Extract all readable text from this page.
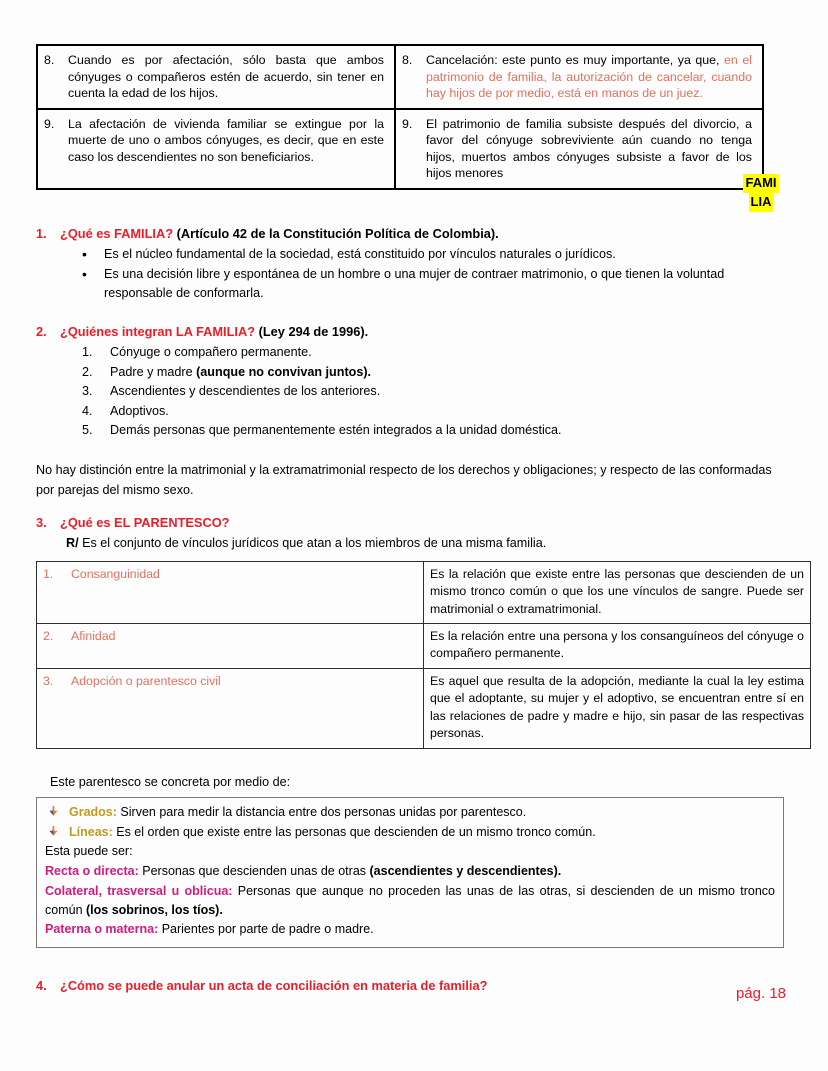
8. Cuando es por afectación, sólo basta que ambos cónyuges o compañeros estén de acuerdo, sin tener en cuenta la edad de los hijos.	8. Cancelación: este punto es muy importante, ya que, en el patrimonio de familia, la autorización de cancelar, cuando hay hijos de por medio, está en manos de un juez.
9. La afectación de vivienda familiar se extingue por la muerte de uno o ambos cónyuges, es decir, que en este caso los descendientes no son beneficiarios.	9. El patrimonio de familia subsiste después del divorcio, a favor del cónyuge sobreviviente aún cuando no tenga hijos, muertos ambos cónyuges subsiste a favor de los hijos menores
FAMI
LIA
1. ¿Qué es FAMILIA? (Artículo 42 de la Constitución Política de Colombia).
• Es el núcleo fundamental de la sociedad, está constituido por vínculos naturales o jurídicos.
• Es una decisión libre y espontánea de un hombre o una mujer de contraer matrimonio, o que tienen la voluntad responsable de conformarla.
2. ¿Quiénes integran LA FAMILIA? (Ley 294 de 1996).
Cónyuge o compañero permanente.
Padre y madre (aunque no convivan juntos).
Ascendientes y descendientes de los anteriores.
Adoptivos.
Demás personas que permanentemente estén integrados a la unidad doméstica.

No hay distinción entre la matrimonial y la extramatrimonial respecto de los derechos y obligaciones; y respecto de las conformadas por parejas del mismo sexo.

3. ¿Qué es EL PARENTESCO?
R/ Es el conjunto de vínculos jurídicos que atan a los miembros de una misma familia.
1. Consanguinidad	Es la relación que existe entre las personas que descienden de un mismo tronco común o que los une vínculos de sangre. Puede ser matrimonial o extramatrimonial.
2. Afinidad	Es la relación entre una persona y los consanguíneos del cónyuge o compañero permanente.
3. Adopción o parentesco civil	Es aquel que resulta de la adopción, mediante la cual la ley estima que el adoptante, su mujer y el adoptivo, se encuentran entre sí en las relaciones de padre y madre e hijo, sin pasar de las respectivas personas.
Este parentesco se concreta por medio de:
Grados: Sirven para medir la distancia entre dos personas unidas por parentesco.
Líneas: Es el orden que existe entre las personas que descienden de un mismo tronco común.
Esta puede ser:
Recta o directa: Personas que descienden unas de otras (ascendientes y descendientes).
Colateral, trasversal u oblicua: Personas que aunque no proceden las unas de las otras, si descienden de un mismo tronco común (los sobrinos, los tíos).
Paterna o materna: Parientes por parte de padre o madre.
4. ¿Cómo se puede anular un acta de conciliación en materia de familia?	pág. 18
